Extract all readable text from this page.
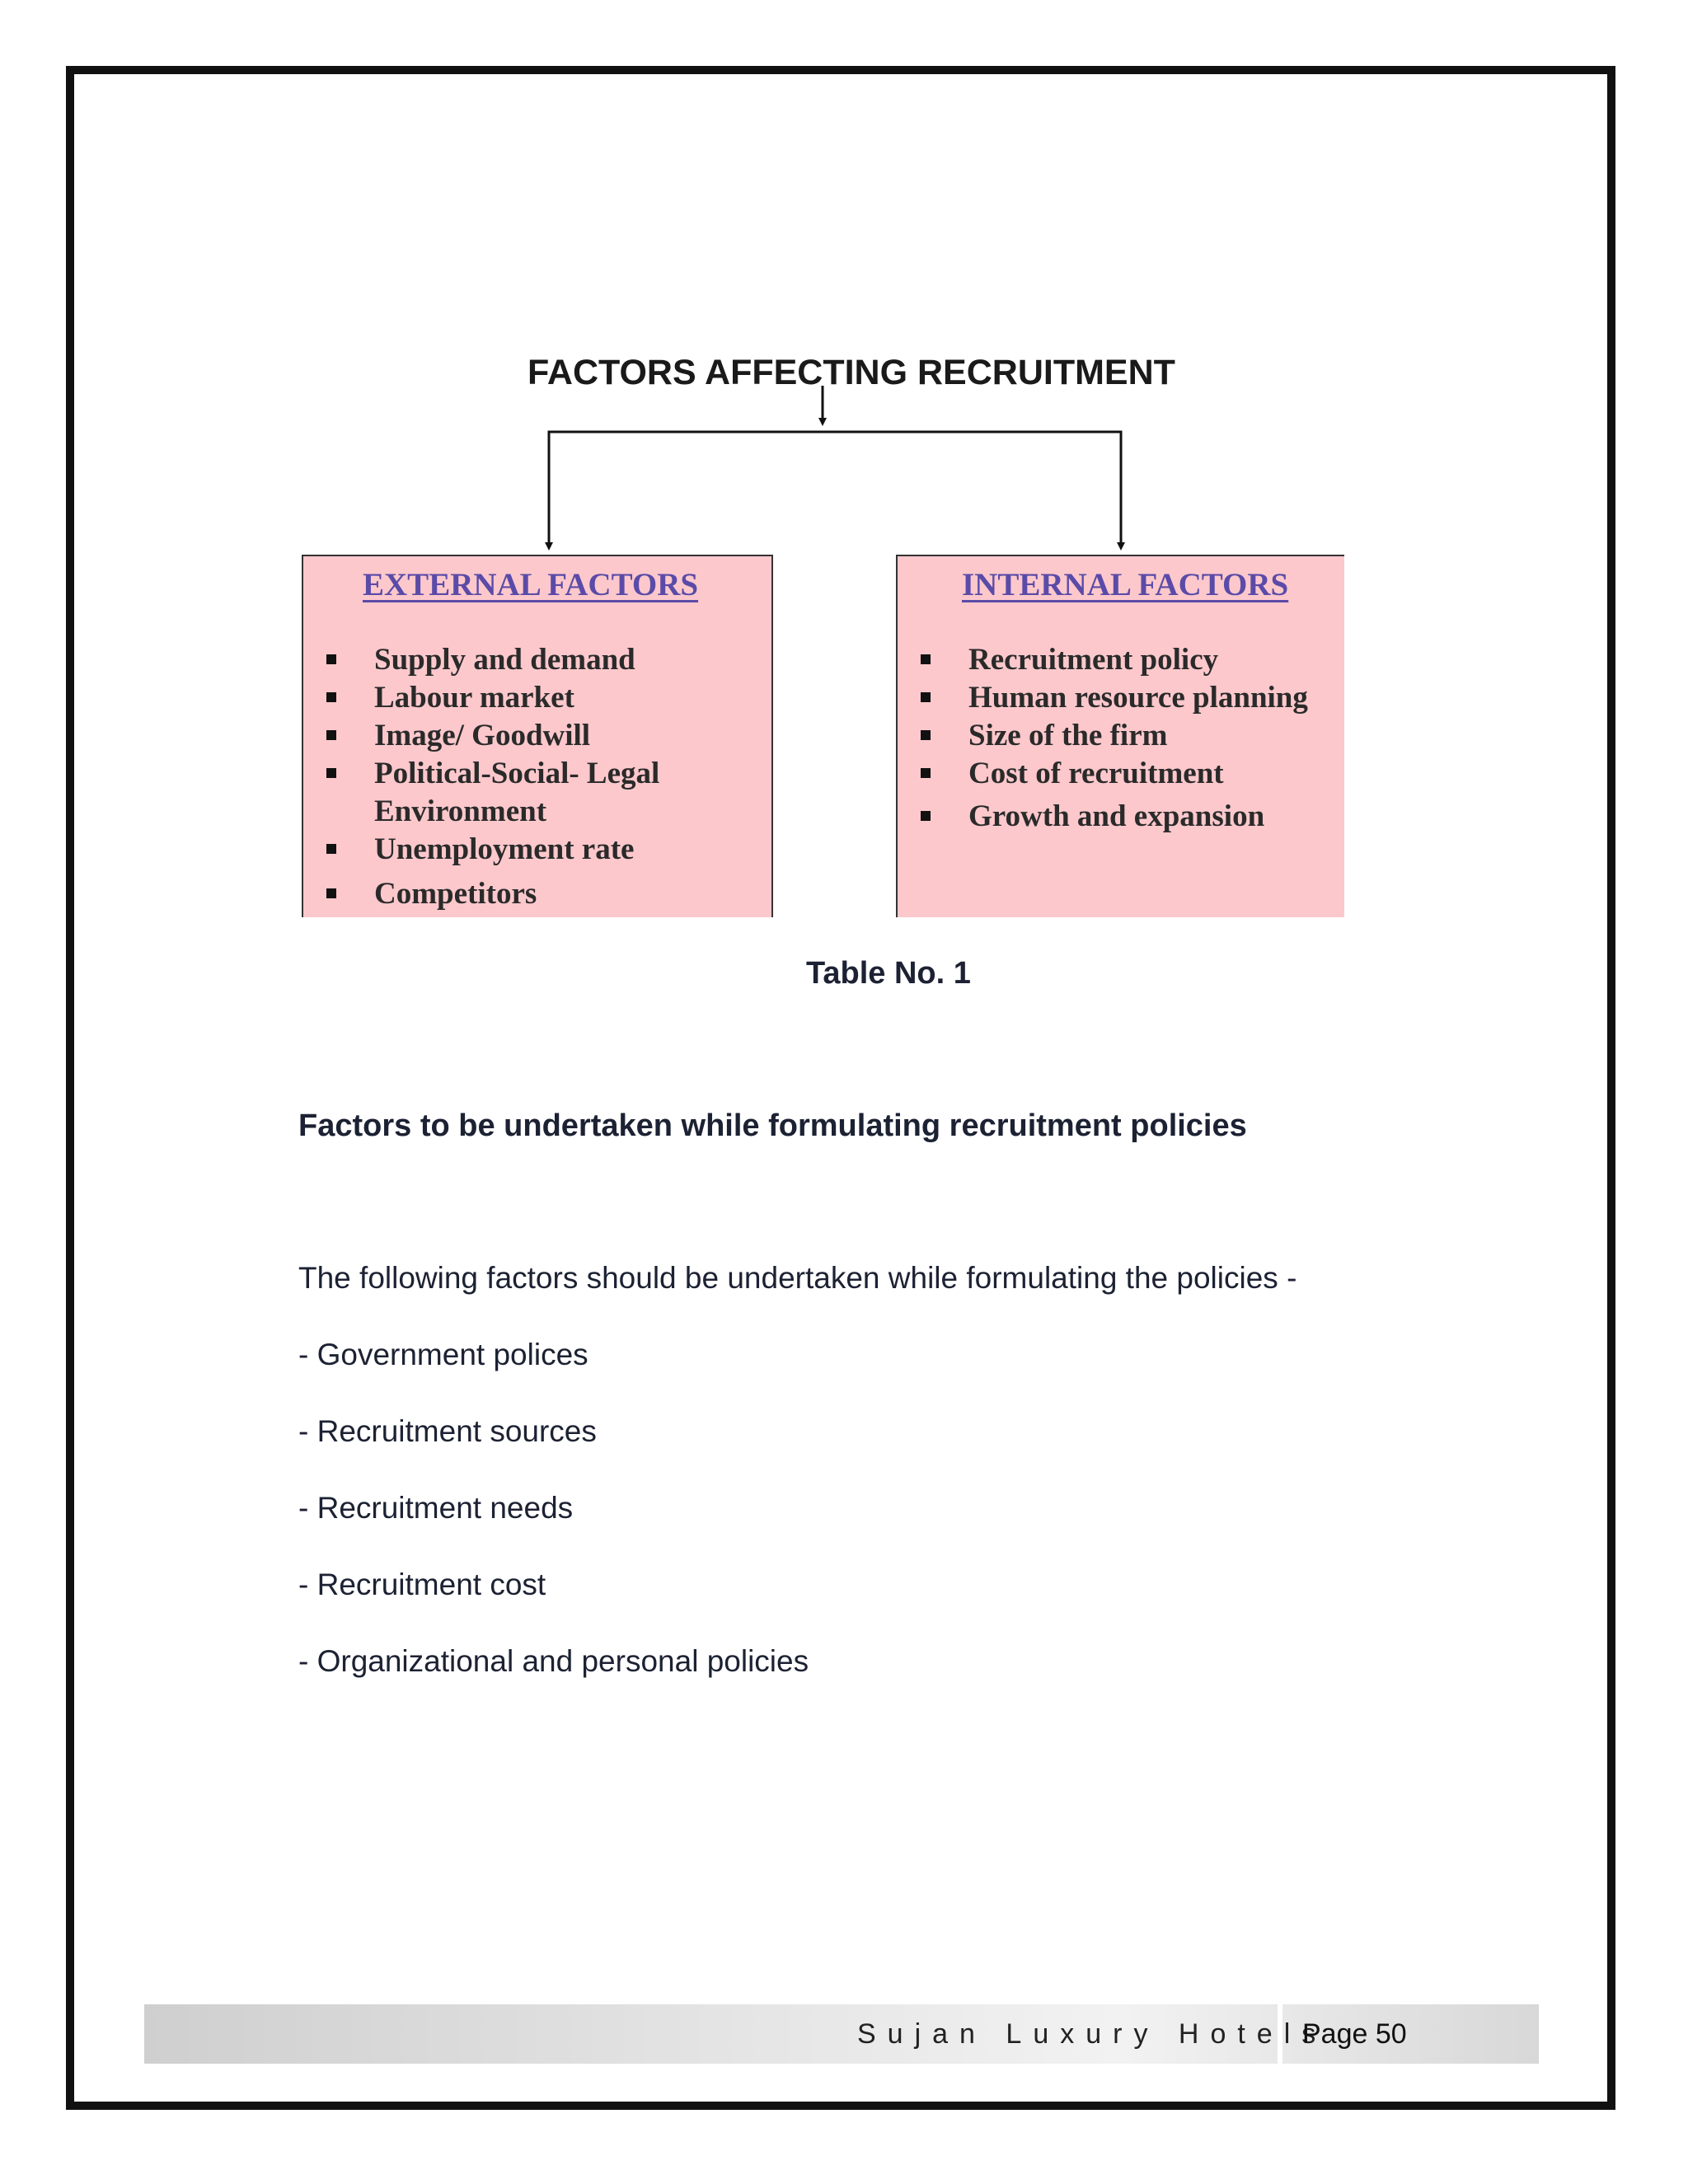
FACTORS AFFECTING RECRUITMENT
EXTERNAL FACTORS
Supply and demand
Labour market
Image/ Goodwill
Political-Social- Legal
Environment
Unemployment rate
Competitors
INTERNAL FACTORS
Recruitment policy
Human resource planning
Size of the firm
Cost of recruitment
Growth and expansion
Table No. 1
Factors to be undertaken while formulating recruitment policies
The following factors should be undertaken while formulating the policies -
- Government polices
- Recruitment sources
- Recruitment needs
- Recruitment cost
- Organizational and personal policies
Sujan Luxury Hotels
Page 50
